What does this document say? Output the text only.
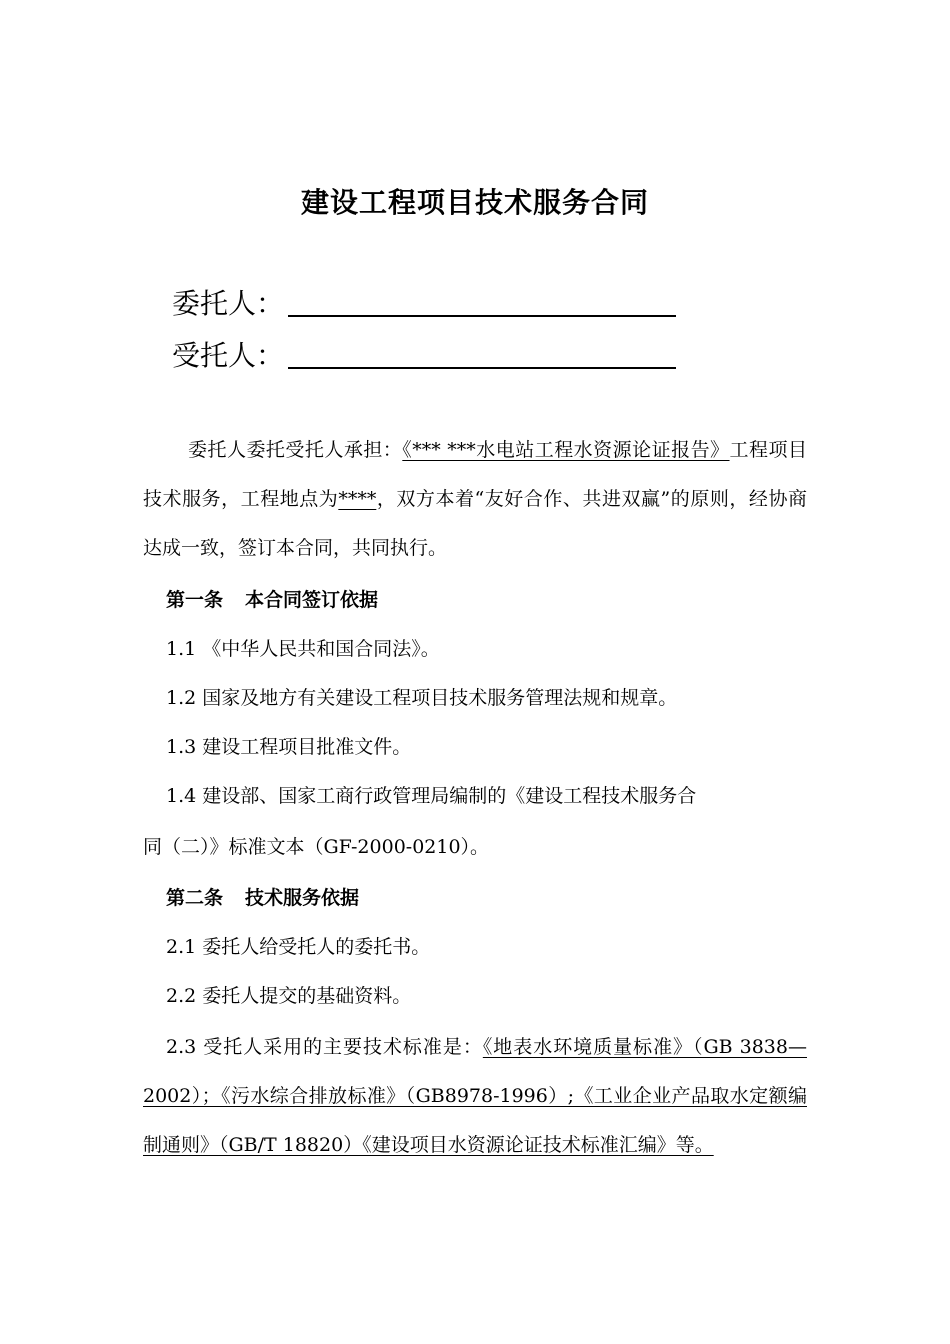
建设工程项目技术服务合同
委托人：
受托人：
委托人委托受托人承担：《*** ***水电站工程水资源论证报告》工程项目技术服务，工程地点为****，双方本着“友好合作、共进双赢”的原则，经协商达成一致，签订本合同，共同执行。
第一条 本合同签订依据
1.1 《中华人民共和国合同法》。
1.2 国家及地方有关建设工程项目技术服务管理法规和规章。
1.3 建设工程项目批准文件。
1.4 建设部、国家工商行政管理局编制的《建设工程技术服务合
同（二）》标准文本（GF-2000-0210）。
第二条 技术服务依据
2.1 委托人给受托人的委托书。
2.2 委托人提交的基础资料。
2.3 受托人采用的主要技术标准是：《地表水环境质量标准》（GB 3838—2002）；《污水综合排放标准》（GB8978-1996）;《工业企业产品取水定额编制通则》（GB/T 18820）《建设项目水资源论证技术标准汇编》等。
